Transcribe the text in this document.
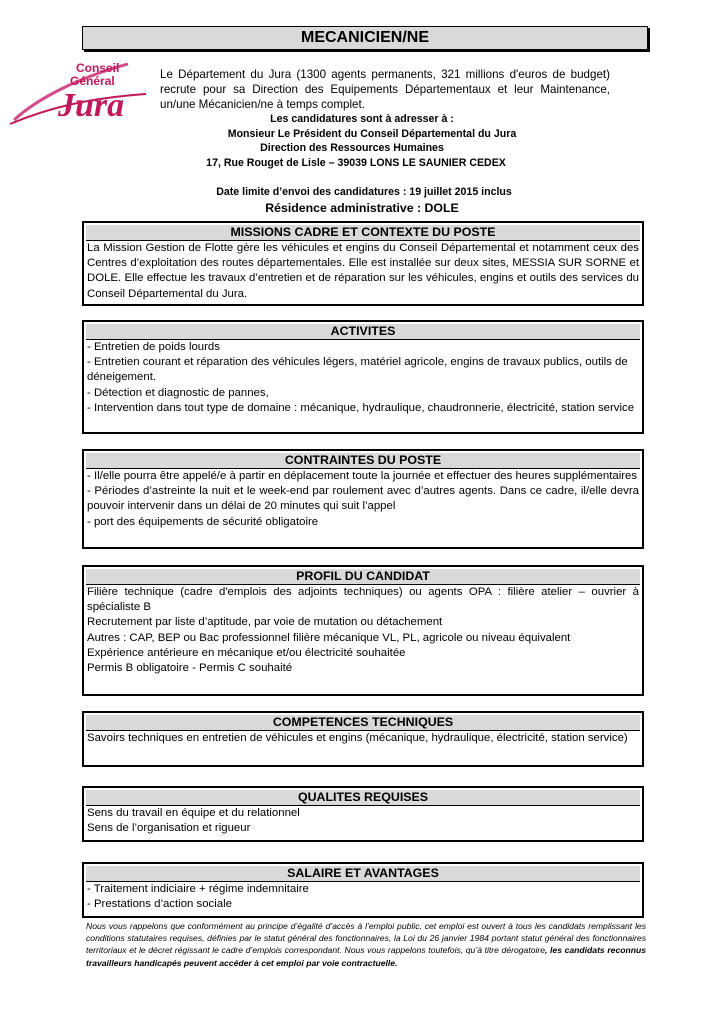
MECANICIEN/NE
Conseil
Général
Jura
Le Département du Jura (1300 agents permanents, 321 millions d'euros de budget) recrute pour sa Direction des Equipements Départementaux et leur Maintenance, un/une Mécanicien/ne à temps complet.
Les candidatures sont à adresser à :
Monsieur Le Président du Conseil Départemental du Jura
Direction des Ressources Humaines
17, Rue Rouget de Lisle – 39039 LONS LE SAUNIER CEDEX
Date limite d’envoi des candidatures : 19 juillet 2015 inclus
Résidence administrative : DOLE
MISSIONS CADRE ET CONTEXTE DU POSTE
La Mission Gestion de Flotte gère les véhicules et engins du Conseil Départemental et notamment ceux des Centres d’exploitation des routes départementales. Elle est installée sur deux sites, MESSIA SUR SORNE et DOLE. Elle effectue les travaux d’entretien et de réparation sur les véhicules, engins et outils des services du Conseil Départemental du Jura.
ACTIVITES
- Entretien de poids lourds
- Entretien courant et réparation des véhicules légers, matériel agricole, engins de travaux publics, outils de déneigement.
- Détection et diagnostic de pannes,
- Intervention dans tout type de domaine : mécanique, hydraulique, chaudronnerie, électricité, station service
CONTRAINTES DU POSTE
- Il/elle pourra être appelé/e à partir en déplacement toute la journée et effectuer des heures supplémentaires
- Périodes d’astreinte la nuit et le week-end par roulement avec d’autres agents. Dans ce cadre, il/elle devra pouvoir intervenir dans un délai de 20 minutes qui suit l’appel
- port des équipements de sécurité obligatoire
PROFIL DU CANDIDAT
Filière technique (cadre d'emplois des adjoints techniques) ou agents OPA : filière atelier – ouvrier à spécialiste B
Recrutement par liste d’aptitude, par voie de mutation ou détachement
Autres : CAP, BEP ou Bac professionnel filière mécanique VL, PL, agricole ou niveau équivalent
Expérience antérieure en mécanique et/ou électricité souhaitée
Permis B obligatoire - Permis C souhaité
COMPETENCES TECHNIQUES
Savoirs techniques en entretien de véhicules et engins (mécanique, hydraulique, électricité, station service)
QUALITES REQUISES
Sens du travail en équipe et du relationnel
Sens de l’organisation et rigueur
SALAIRE ET AVANTAGES
- Traitement indiciaire + régime indemnitaire
- Prestations d’action sociale
Nous vous rappelons que conformément au principe d’égalité d’accès à l’emploi public, cet emploi est ouvert à tous les candidats remplissant les conditions statutaires requises, définies par le statut général des fonctionnaires, la Loi du 26 janvier 1984 portant statut général des fonctionnaires territoriaux et le décret régissant le cadre d’emplois correspondant. Nous vous rappelons toutefois, qu’à titre dérogatoire, les candidats reconnus travailleurs handicapés peuvent accéder à cet emploi par voie contractuelle.
